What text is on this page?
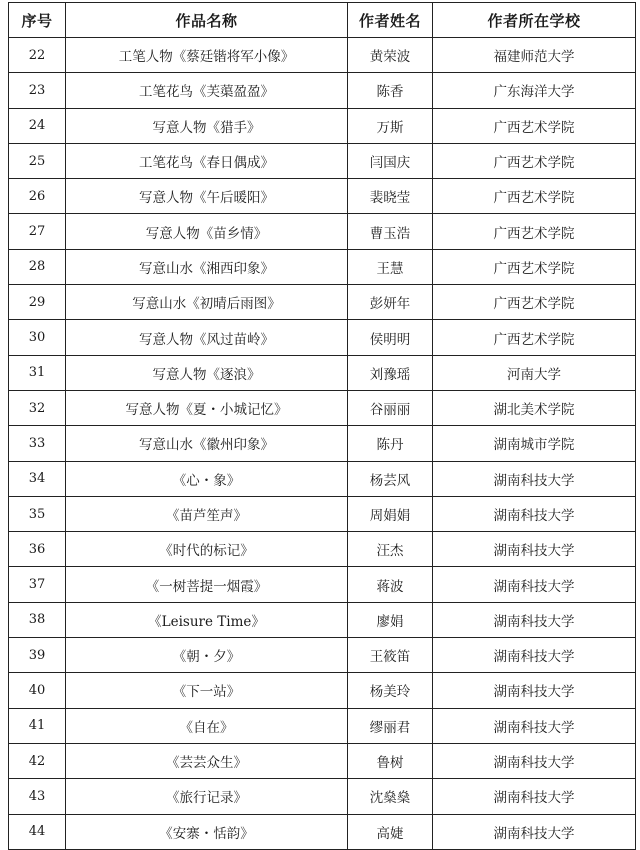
序号	作品名称	作者姓名	作者所在学校
22	工笔人物《蔡廷锴将军小像》	黄荣波	福建师范大学
23	工笔花鸟《芙蕖盈盈》	陈香	广东海洋大学
24	写意人物《猎手》	万斯	广西艺术学院
25	工笔花鸟《春日偶成》	闫国庆	广西艺术学院
26	写意人物《午后暖阳》	裴晓莹	广西艺术学院
27	写意人物《苗乡情》	曹玉浩	广西艺术学院
28	写意山水《湘西印象》	王慧	广西艺术学院
29	写意山水《初晴后雨图》	彭妍年	广西艺术学院
30	写意人物《风过苗岭》	侯明明	广西艺术学院
31	写意人物《逐浪》	刘豫瑶	河南大学
32	写意人物《夏・小城记忆》	谷丽丽	湖北美术学院
33	写意山水《徽州印象》	陈丹	湖南城市学院
34	《心・象》	杨芸风	湖南科技大学
35	《苗芦笙声》	周娟娟	湖南科技大学
36	《时代的标记》	汪杰	湖南科技大学
37	《一树菩提一烟霞》	蒋波	湖南科技大学
38	《Leisure Time》	廖娟	湖南科技大学
39	《朝・夕》	王筱笛	湖南科技大学
40	《下一站》	杨美玲	湖南科技大学
41	《自在》	缪丽君	湖南科技大学
42	《芸芸众生》	鲁树	湖南科技大学
43	《旅行记录》	沈燊燊	湖南科技大学
44	《安寨・恬韵》	高婕	湖南科技大学
